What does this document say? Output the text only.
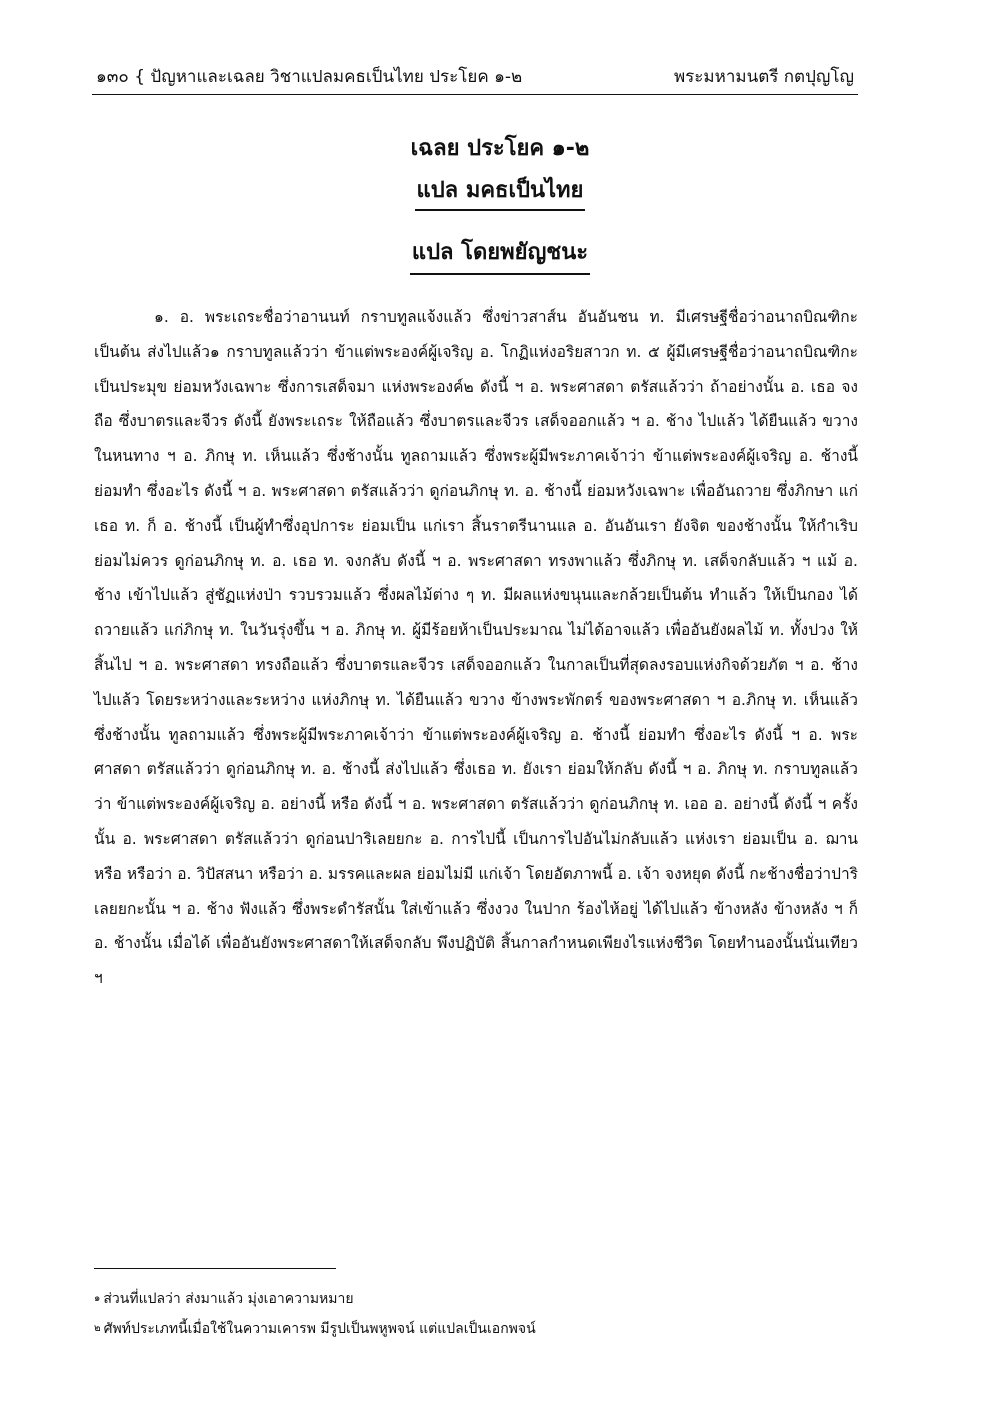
๑๓๐ { ปัญหาและเฉลย วิชาแปลมคธเป็นไทย ประโยค ๑-๒	พระมหามนตรี กตปุญโญ
เฉลย ประโยค ๑-๒
แปล มคธเป็นไทย
แปล โดยพยัญชนะ

๑. อ. พระเถระชื่อว่าอานนท์ กราบทูลแจ้งแล้ว ซึ่งข่าวสาส์น อันอันชน ท. มีเศรษฐีชื่อว่าอนาถบิณฑิกะเป็นต้น ส่งไปแล้ว๑ กราบทูลแล้วว่า ข้าแต่พระองค์ผู้เจริญ อ. โกฏิแห่งอริยสาวก ท. ๕ ผู้มีเศรษฐีชื่อว่าอนาถบิณฑิกะเป็นประมุข ย่อมหวังเฉพาะ ซึ่งการเสด็จมา แห่งพระองค์๒ ดังนี้ ฯ อ. พระศาสดา ตรัสแล้วว่า ถ้าอย่างนั้น อ. เธอ จงถือ ซึ่งบาตรและจีวร ดังนี้ ยังพระเถระ ให้ถือแล้ว ซึ่งบาตรและจีวร เสด็จออกแล้ว ฯ อ. ช้าง ไปแล้ว ได้ยืนแล้ว ขวาง ในหนทาง ฯ อ. ภิกษุ ท. เห็นแล้ว ซึ่งช้างนั้น ทูลถามแล้ว ซึ่งพระผู้มีพระภาคเจ้าว่า ข้าแต่พระองค์ผู้เจริญ อ. ช้างนี้ ย่อมทำ ซึ่งอะไร ดังนี้ ฯ อ. พระศาสดา ตรัสแล้วว่า ดูก่อนภิกษุ ท. อ. ช้างนี้ ย่อมหวังเฉพาะ เพื่ออันถวาย ซึ่งภิกษา แก่เธอ ท. ก็ อ. ช้างนี้ เป็นผู้ทำซึ่งอุปการะ ย่อมเป็น แก่เรา สิ้นราตรีนานแล อ. อันอันเรา ยังจิต ของช้างนั้น ให้กำเริบ ย่อมไม่ควร ดูก่อนภิกษุ ท. อ. เธอ ท. จงกลับ ดังนี้ ฯ อ. พระศาสดา ทรงพาแล้ว ซึ่งภิกษุ ท. เสด็จกลับแล้ว ฯ แม้ อ. ช้าง เข้าไปแล้ว สู่ชัฏแห่งป่า รวบรวมแล้ว ซึ่งผลไม้ต่าง ๆ ท. มีผลแห่งขนุนและกล้วยเป็นต้น ทำแล้ว ให้เป็นกอง ได้ถวายแล้ว แก่ภิกษุ ท. ในวันรุ่งขึ้น ฯ อ. ภิกษุ ท. ผู้มีร้อยห้าเป็นประมาณ ไม่ได้อาจแล้ว เพื่ออันยังผลไม้ ท. ทั้งปวง ให้สิ้นไป ฯ อ. พระศาสดา ทรงถือแล้ว ซึ่งบาตรและจีวร เสด็จออกแล้ว ในกาลเป็นที่สุดลงรอบแห่งกิจด้วยภัต ฯ อ. ช้าง ไปแล้ว โดยระหว่างและระหว่าง แห่งภิกษุ ท. ได้ยืนแล้ว ขวาง ข้างพระพักตร์ ของพระศาสดา ฯ อ.ภิกษุ ท. เห็นแล้ว ซึ่งช้างนั้น ทูลถามแล้ว ซึ่งพระผู้มีพระภาคเจ้าว่า ข้าแต่พระองค์ผู้เจริญ อ. ช้างนี้ ย่อมทำ ซึ่งอะไร ดังนี้ ฯ อ. พระศาสดา ตรัสแล้วว่า ดูก่อนภิกษุ ท. อ. ช้างนี้ ส่งไปแล้ว ซึ่งเธอ ท. ยังเรา ย่อมให้กลับ ดังนี้ ฯ อ. ภิกษุ ท. กราบทูลแล้วว่า ข้าแต่พระองค์ผู้เจริญ อ. อย่างนี้ หรือ ดังนี้ ฯ อ. พระศาสดา ตรัสแล้วว่า ดูก่อนภิกษุ ท. เออ อ. อย่างนี้ ดังนี้ ฯ ครั้งนั้น อ. พระศาสดา ตรัสแล้วว่า ดูก่อนปาริเลยยกะ อ. การไปนี้ เป็นการไปอันไม่กลับแล้ว แห่งเรา ย่อมเป็น อ. ฌานหรือ หรือว่า อ. วิปัสสนา หรือว่า อ. มรรคและผล ย่อมไม่มี แก่เจ้า โดยอัตภาพนี้ อ. เจ้า จงหยุด ดังนี้ กะช้างชื่อว่าปาริเลยยกะนั้น ฯ อ. ช้าง ฟังแล้ว ซึ่งพระดำรัสนั้น ใส่เข้าแล้ว ซึ่งงวง ในปาก ร้องไห้อยู่ ได้ไปแล้ว ข้างหลัง ข้างหลัง ฯ ก็ อ. ช้างนั้น เมื่อได้ เพื่ออันยังพระศาสดาให้เสด็จกลับ พึงปฏิบัติ สิ้นกาลกำหนดเพียงไรแห่งชีวิต โดยทำนองนั้นนั่นเทียว ฯ

$^๑$ ส่วนที่แปลว่า ส่งมาแล้ว มุ่งเอาความหมาย
$^๒$ ศัพท์ประเภทนี้เมื่อใช้ในความเคารพ มีรูปเป็นพหูพจน์ แต่แปลเป็นเอกพจน์
